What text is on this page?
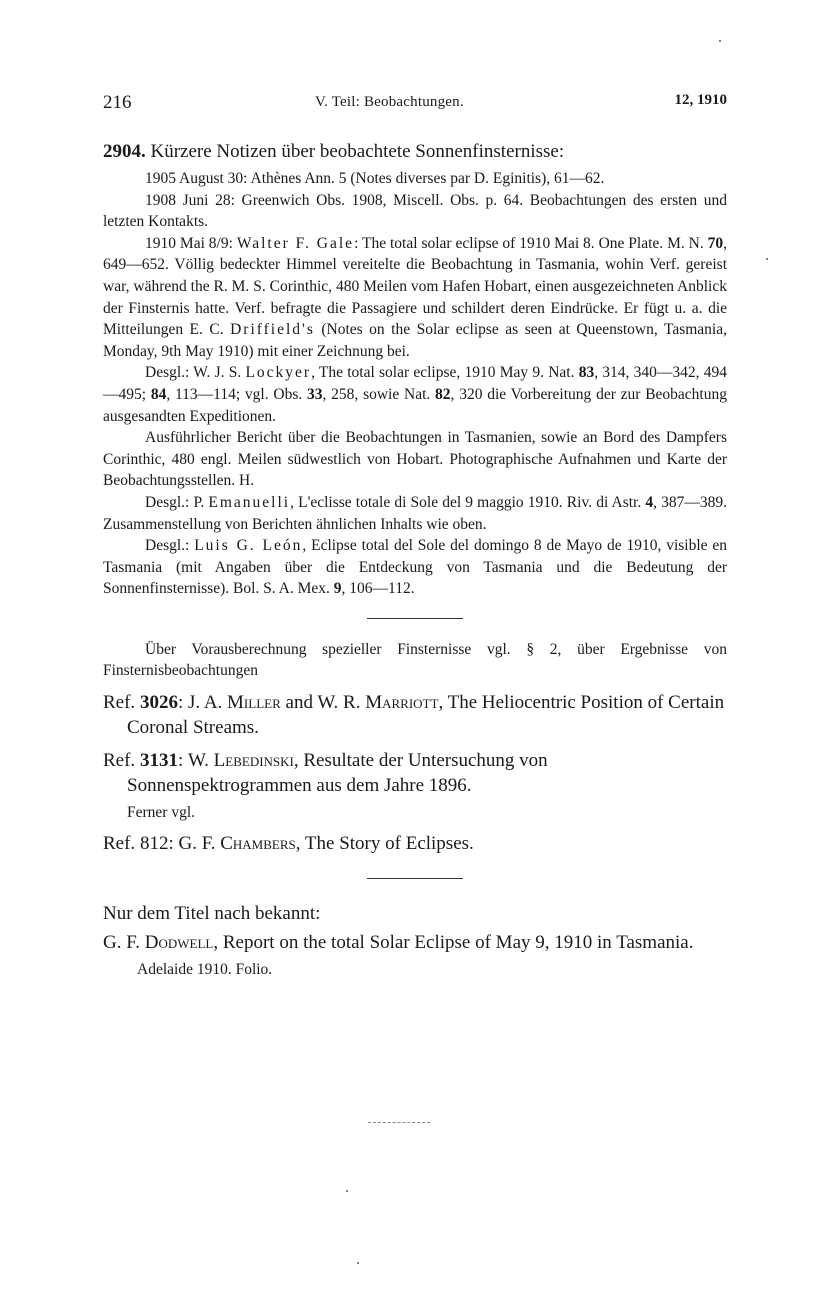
216	V. Teil: Beobachtungen.	12, 1910
2904. Kürzere Notizen über beobachtete Sonnenfinsternisse:

1905 August 30: Athènes Ann. 5 (Notes diverses par D. Eginitis), 61—62.

1908 Juni 28: Greenwich Obs. 1908, Miscell. Obs. p. 64. Beobachtungen des ersten und letzten Kontakts.

1910 Mai 8/9: Walter F. Gale: The total solar eclipse of 1910 Mai 8. One Plate. M. N. 70, 649—652. Völlig bedeckter Himmel vereitelte die Beobachtung in Tasmania, wohin Verf. gereist war, während the R. M. S. Corinthic, 480 Meilen vom Hafen Hobart, einen ausgezeichneten Anblick der Finsternis hatte. Verf. befragte die Passagiere und schildert deren Eindrücke. Er fügt u. a. die Mitteilungen E. C. Driffield's (Notes on the Solar eclipse as seen at Queenstown, Tasmania, Monday, 9th May 1910) mit einer Zeichnung bei.

Desgl.: W. J. S. Lockyer, The total solar eclipse, 1910 May 9. Nat. 83, 314, 340—342, 494—495; 84, 113—114; vgl. Obs. 33, 258, sowie Nat. 82, 320 die Vorbereitung der zur Beobachtung ausgesandten Expeditionen.

Ausführlicher Bericht über die Beobachtungen in Tasmanien, sowie an Bord des Dampfers Corinthic, 480 engl. Meilen südwestlich von Hobart. Photographische Aufnahmen und Karte der Beobachtungsstellen. H.

Desgl.: P. Emanuelli, L'eclisse totale di Sole del 9 maggio 1910. Riv. di Astr. 4, 387—389. Zusammenstellung von Berichten ähnlichen Inhalts wie oben.

Desgl.: Luis G. León, Eclipse total del Sole del domingo 8 de Mayo de 1910, visible en Tasmania (mit Angaben über die Entdeckung von Tasmania und die Bedeutung der Sonnenfinsternisse). Bol. S. A. Mex. 9, 106—112.

Über Vorausberechnung spezieller Finsternisse vgl. § 2, über Ergebnisse von Finsternisbeobachtungen

Ref. 3026: J. A. Miller and W. R. Marriott, The Heliocentric Position of Certain Coronal Streams.
Ref. 3131: W. Lebedinski, Resultate der Untersuchung von Sonnenspektrogrammen aus dem Jahre 1896.
Ferner vgl.
Ref. 812: G. F. Chambers, The Story of Eclipses.
Nur dem Titel nach bekannt:
G. F. Dodwell, Report on the total Solar Eclipse of May 9, 1910 in Tasmania. Adelaide 1910. Folio.
